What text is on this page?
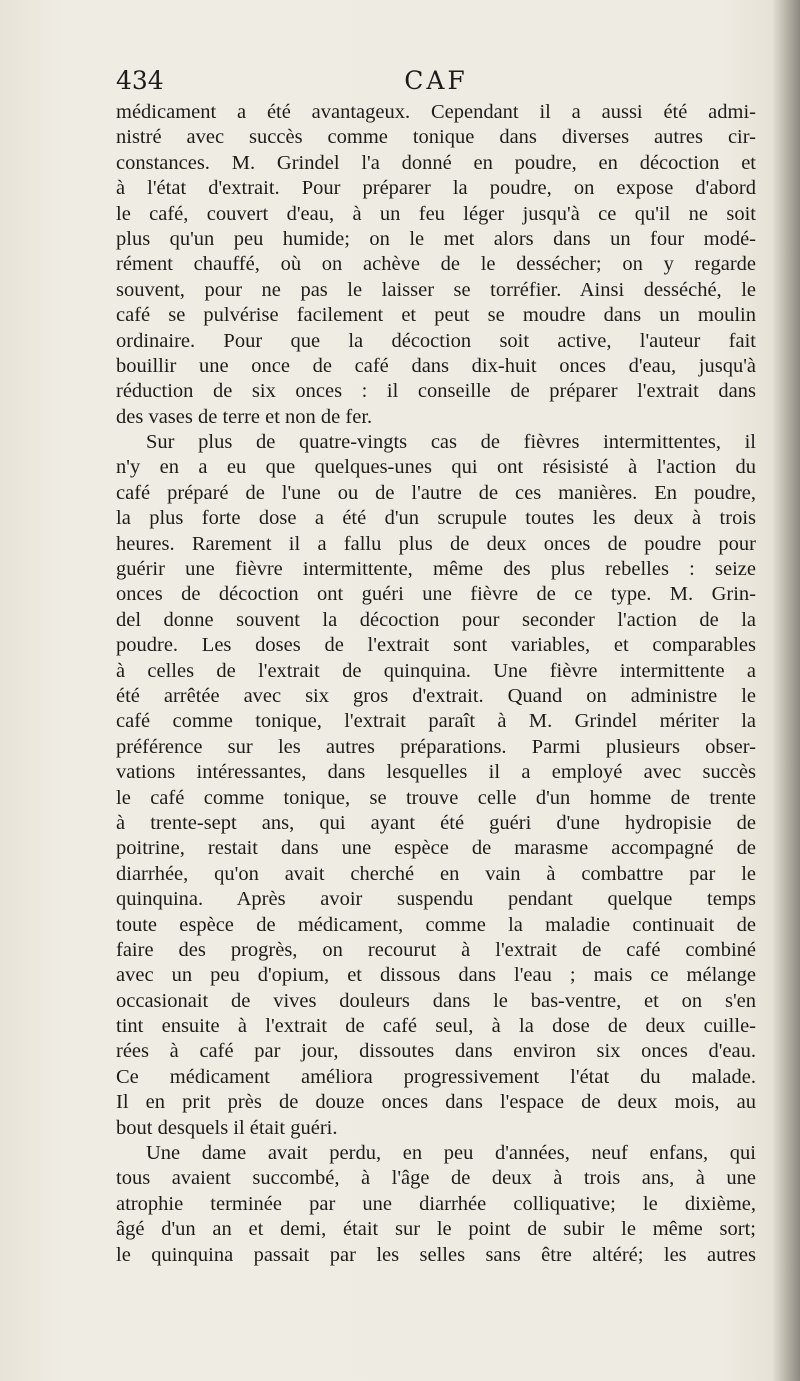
434	CAF
médicament a été avantageux. Cependant il a aussi été admi-
nistré avec succès comme tonique dans diverses autres cir-
constances. M. Grindel l'a donné en poudre, en décoction et
à l'état d'extrait. Pour préparer la poudre, on expose d'abord
le café, couvert d'eau, à un feu léger jusqu'à ce qu'il ne soit
plus qu'un peu humide; on le met alors dans un four modé-
rément chauffé, où on achève de le dessécher; on y regarde
souvent, pour ne pas le laisser se torréfier. Ainsi desséché, le
café se pulvérise facilement et peut se moudre dans un moulin
ordinaire. Pour que la décoction soit active, l'auteur fait
bouillir une once de café dans dix-huit onces d'eau, jusqu'à
réduction de six onces : il conseille de préparer l'extrait dans
des vases de terre et non de fer.
Sur plus de quatre-vingts cas de fièvres intermittentes, il
n'y en a eu que quelques-unes qui ont résisisté à l'action du
café préparé de l'une ou de l'autre de ces manières. En poudre,
la plus forte dose a été d'un scrupule toutes les deux à trois
heures. Rarement il a fallu plus de deux onces de poudre pour
guérir une fièvre intermittente, même des plus rebelles : seize
onces de décoction ont guéri une fièvre de ce type. M. Grin-
del donne souvent la décoction pour seconder l'action de la
poudre. Les doses de l'extrait sont variables, et comparables
à celles de l'extrait de quinquina. Une fièvre intermittente a
été arrêtée avec six gros d'extrait. Quand on administre le
café comme tonique, l'extrait paraît à M. Grindel mériter la
préférence sur les autres préparations. Parmi plusieurs obser-
vations intéressantes, dans lesquelles il a employé avec succès
le café comme tonique, se trouve celle d'un homme de trente
à trente-sept ans, qui ayant été guéri d'une hydropisie de
poitrine, restait dans une espèce de marasme accompagné de
diarrhée, qu'on avait cherché en vain à combattre par le
quinquina. Après avoir suspendu pendant quelque temps
toute espèce de médicament, comme la maladie continuait de
faire des progrès, on recourut à l'extrait de café combiné
avec un peu d'opium, et dissous dans l'eau ; mais ce mélange
occasionait de vives douleurs dans le bas-ventre, et on s'en
tint ensuite à l'extrait de café seul, à la dose de deux cuille-
rées à café par jour, dissoutes dans environ six onces d'eau.
Ce médicament améliora progressivement l'état du malade.
Il en prit près de douze onces dans l'espace de deux mois, au
bout desquels il était guéri.
Une dame avait perdu, en peu d'années, neuf enfans, qui
tous avaient succombé, à l'âge de deux à trois ans, à une
atrophie terminée par une diarrhée colliquative; le dixième,
âgé d'un an et demi, était sur le point de subir le même sort;
le quinquina passait par les selles sans être altéré; les autres
